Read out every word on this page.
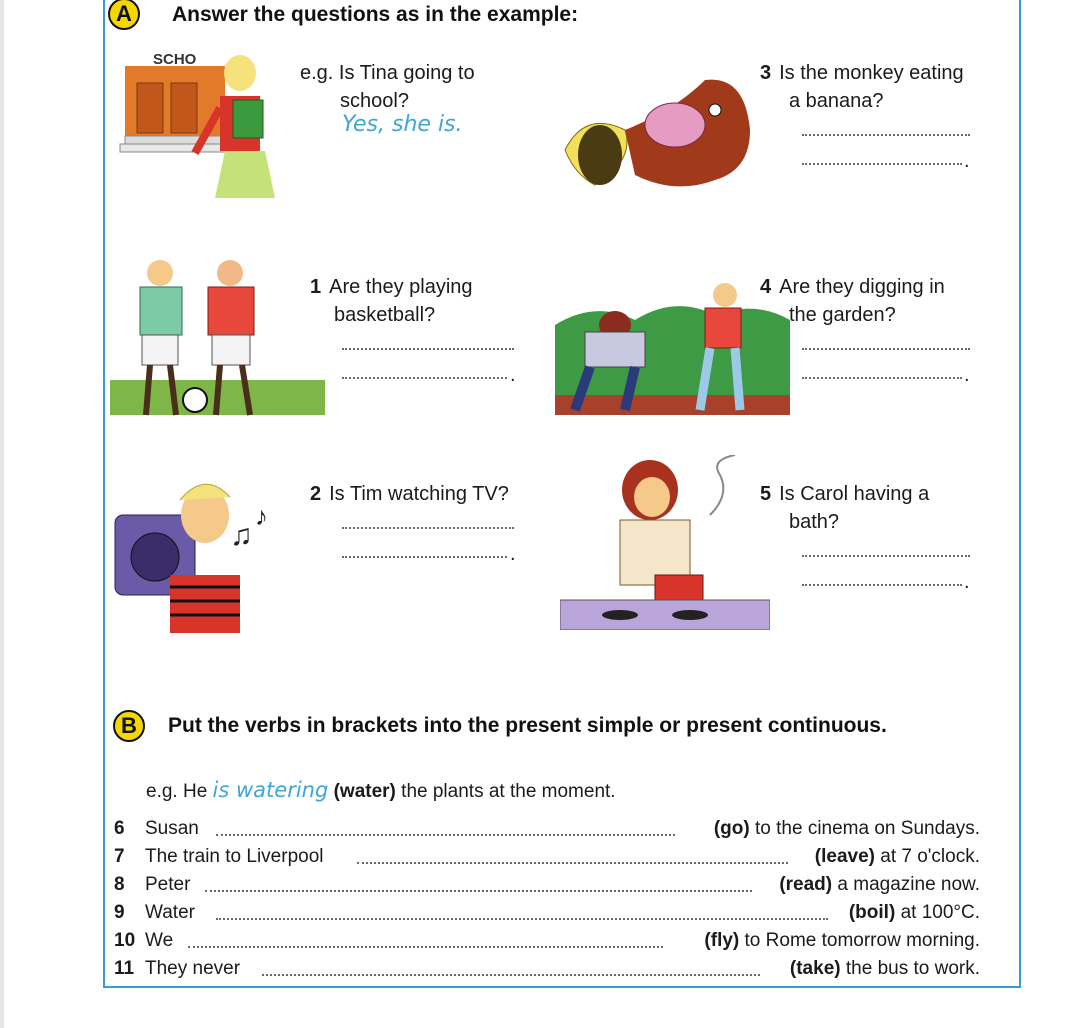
A	Answer the questions as in the example:
SCHO
e.g. Is Tina going to
school?
Yes, she is.
3 Is the monkey eating
a banana?
.
1 Are they playing
basketball?
.
4 Are they digging in
the garden?
.
♫
♪
2 Is Tim watching TV?
.
5 Is Carol having a
bath?
.
B	Put the verbs in brackets into the present simple or present continuous.
e.g. He is watering (water) the plants at the moment.
6 Susan	(go) to the cinema on Sundays.
7 The train to Liverpool	(leave) at 7 o'clock.
8 Peter	(read) a magazine now.
9 Water	(boil) at 100°C.
10 We	(fly) to Rome tomorrow morning.
11 They never	(take) the bus to work.
